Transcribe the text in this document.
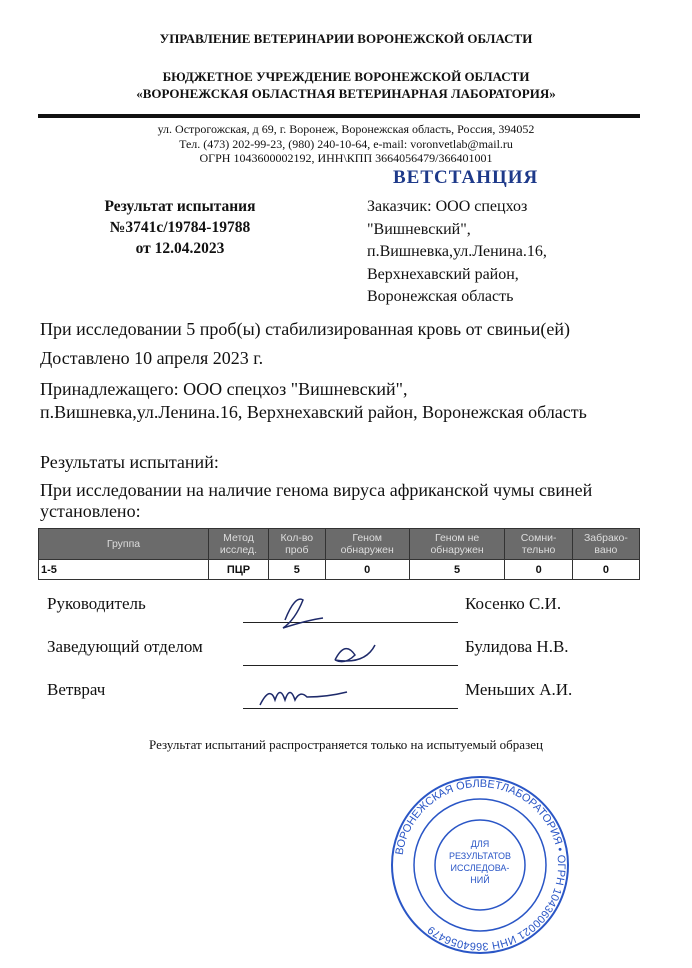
УПРАВЛЕНИЕ ВЕТЕРИНАРИИ ВОРОНЕЖСКОЙ ОБЛАСТИ
БЮДЖЕТНОЕ УЧРЕЖДЕНИЕ ВОРОНЕЖСКОЙ ОБЛАСТИ
«ВОРОНЕЖСКАЯ ОБЛАСТНАЯ ВЕТЕРИНАРНАЯ ЛАБОРАТОРИЯ»
ул. Острогожская, д 69, г. Воронеж, Воронежская область, Россия, 394052
Тел. (473) 202-99-23, (980) 240-10-64, e-mail: voronvetlab@mail.ru
ОГРН 1043600002192, ИНН\КПП 3664056479/366401001
ВЕТСТАНЦИЯ
Результат испытания
№3741с/19784-19788
от 12.04.2023
Заказчик: ООО спецхоз
"Вишневский",
п.Вишневка,ул.Ленина.16,
Верхнехавский район,
Воронежская область
При исследовании 5 проб(ы) стабилизированная кровь от свиньи(ей)
Доставлено 10 апреля 2023 г.
Принадлежащего: ООО спецхоз "Вишневский", п.Вишневка,ул.Ленина.16, Верхнехавский район, Воронежская область
Результаты испытаний:
При исследовании на наличие генома вируса африканской чумы свиней установлено:
Группа	Метод исслед.	Кол-во проб	Геном обнаружен	Геном не обнаружен	Сомни-тельно	Забрако-вано
1-5	ПЦР	5	0	5	0	0
Руководитель	Косенко С.И.
Заведующий отделом	Булидова Н.В.
Ветврач	Меньших А.И.
ВОРОНЕЖСКАЯ ОБЛВЕТЛАБОРАТОРИЯ • ОГРН 1043600021 ИНН 3664056479
ДЛЯ
РЕЗУЛЬТАТОВ
ИССЛЕДОВА-
НИЙ
Результат испытаний распространяется только на испытуемый образец
